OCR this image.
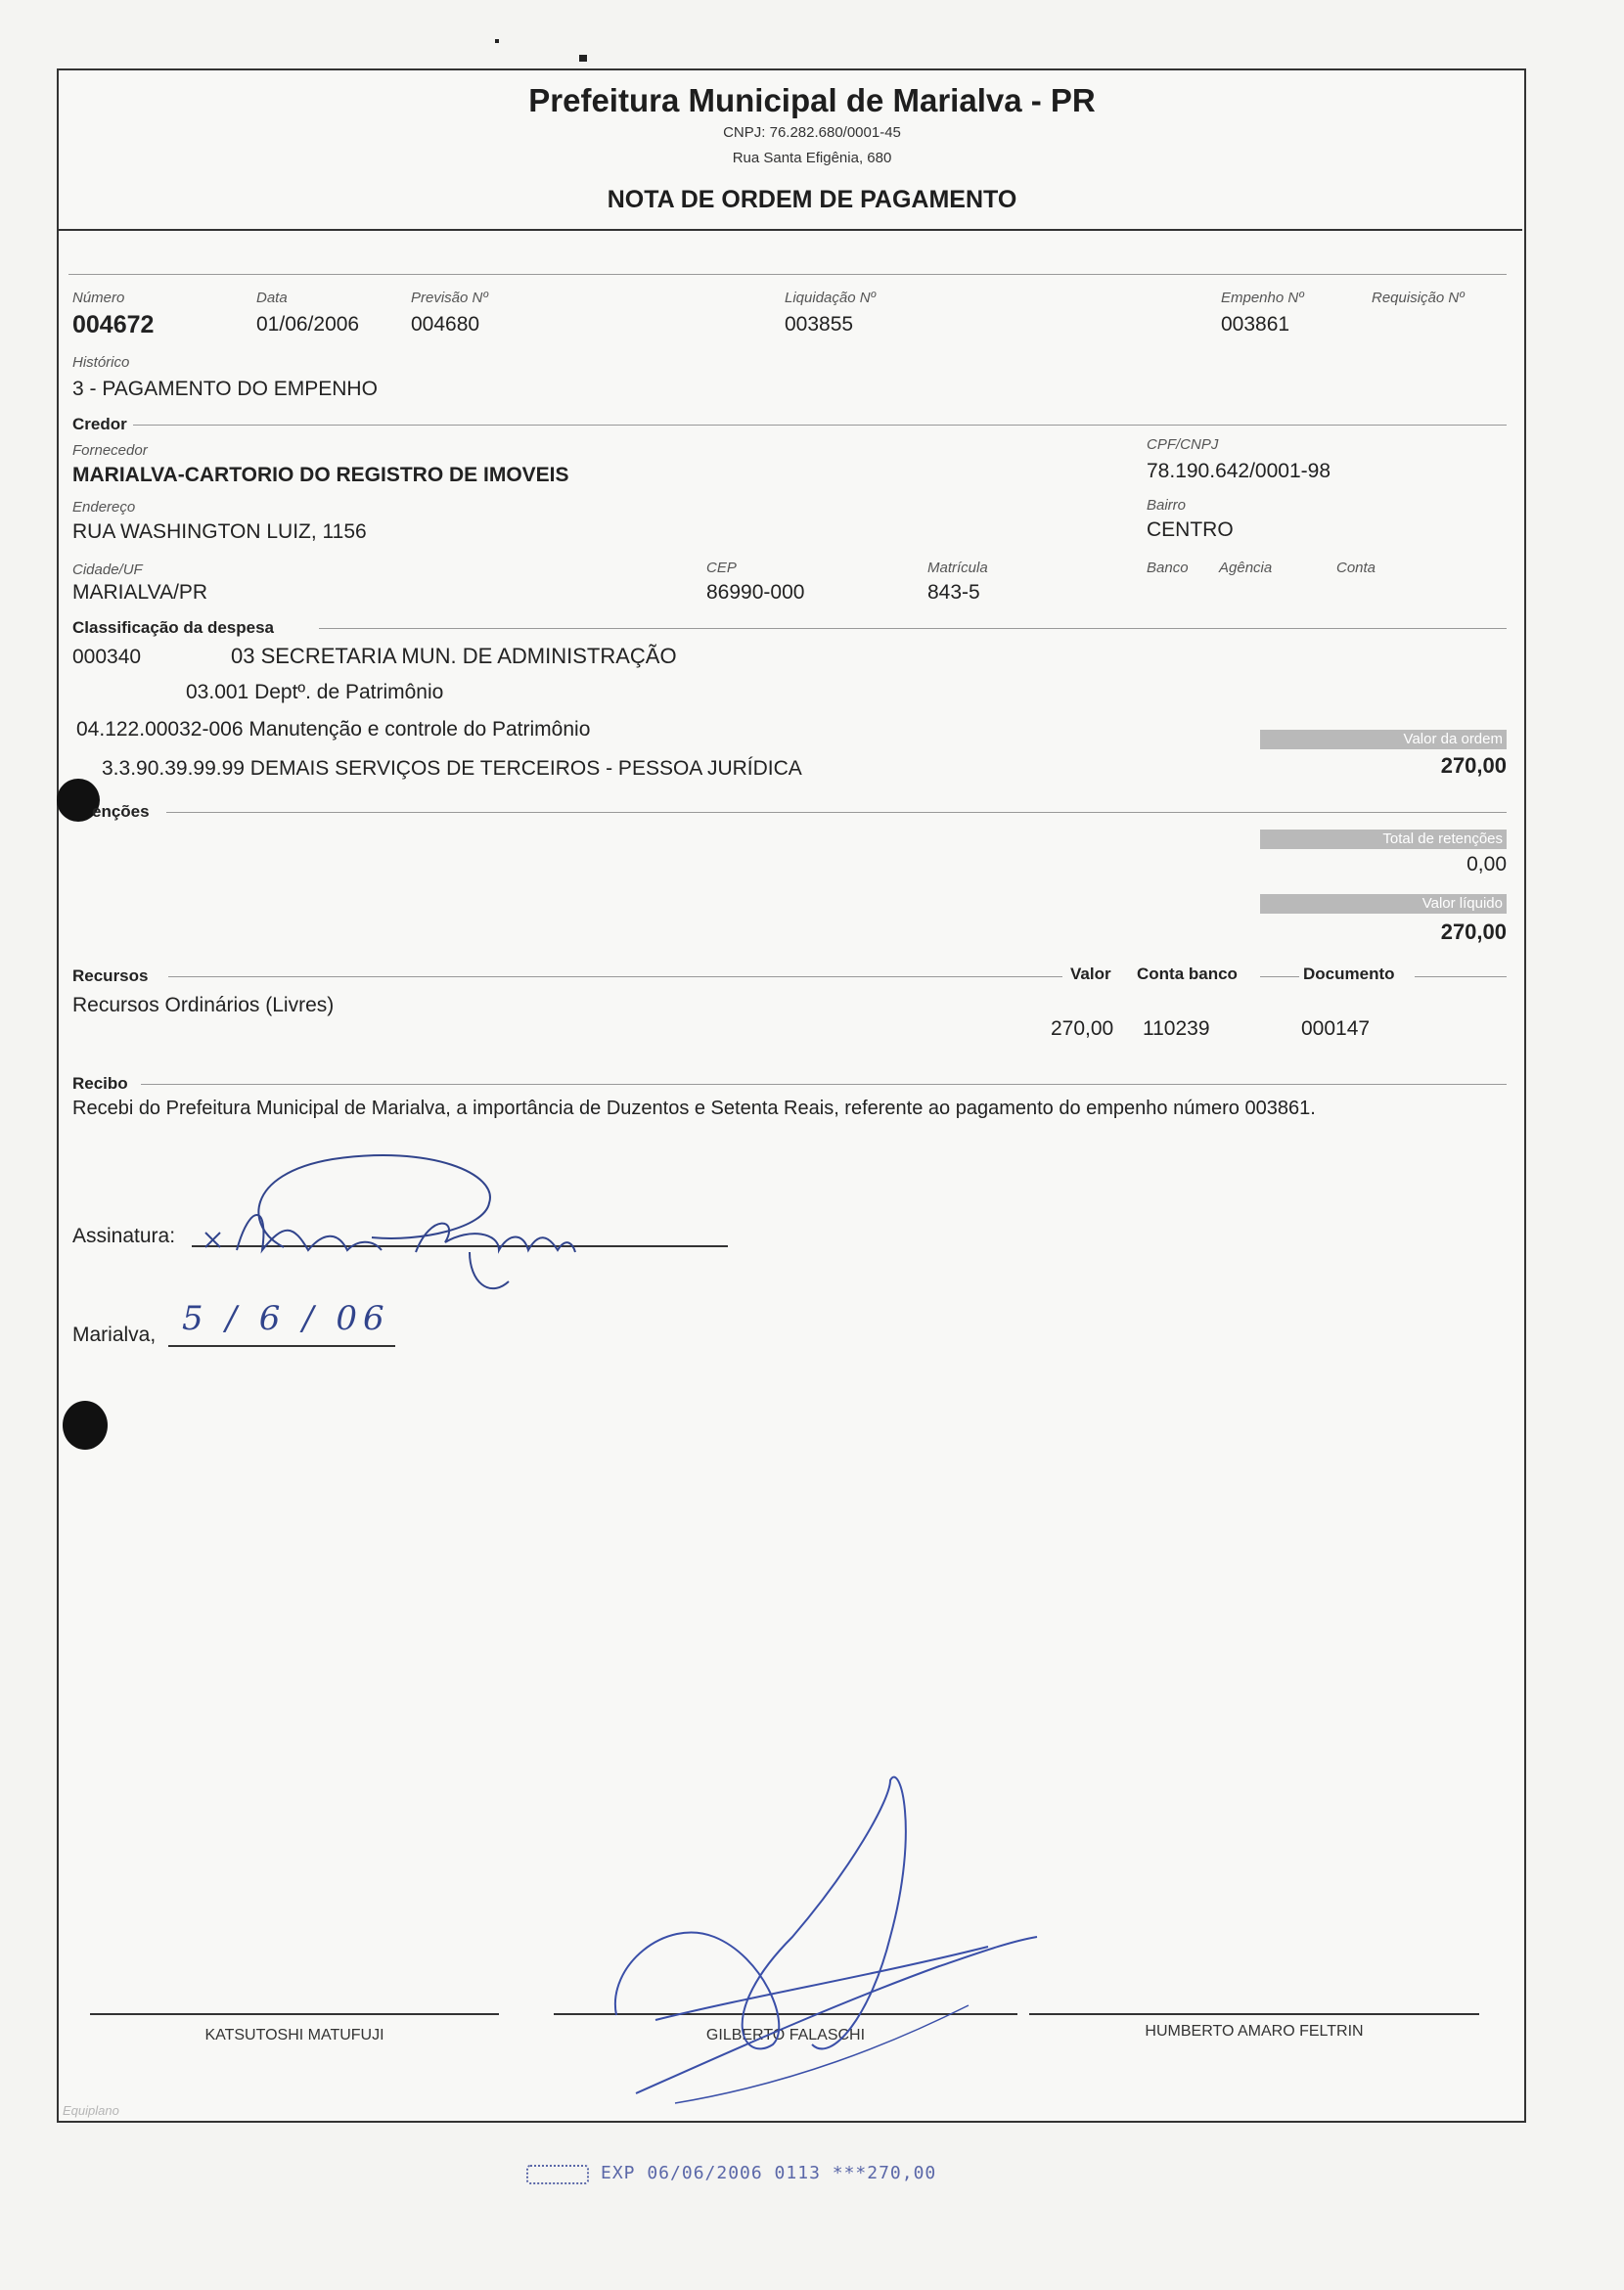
Prefeitura Municipal de Marialva - PR
CNPJ: 76.282.680/0001-45
Rua Santa Efigênia, 680
NOTA DE ORDEM DE PAGAMENTO
Número
004672
Data
01/06/2006
Previsão Nº
004680
Liquidação Nº
003855
Empenho Nº
003861
Requisição Nº
Histórico
3 - PAGAMENTO DO EMPENHO
Credor
Fornecedor
MARIALVA-CARTORIO DO REGISTRO DE IMOVEIS
CPF/CNPJ
78.190.642/0001-98
Endereço
RUA WASHINGTON LUIZ, 1156
Bairro
CENTRO
Cidade/UF
MARIALVA/PR
CEP
86990-000
Matrícula
843-5
Banco Agência	Conta
Classificação da despesa
000340	03 SECRETARIA MUN. DE ADMINISTRAÇÃO
03.001 Deptº. de Patrimônio
04.122.00032-006 Manutenção e controle do Patrimônio
3.3.90.39.99.99 DEMAIS SERVIÇOS DE TERCEIROS - PESSOA JURÍDICA
Valor da ordem
270,00
enções
Total de retenções
0,00
Valor líquido
270,00
Recursos	Valor Conta banco	Documento
Recursos Ordinários (Livres)
270,00 110239	000147
Recibo
Recebi do Prefeitura Municipal de Marialva, a importância de Duzentos e Setenta Reais, referente ao pagamento do empenho número 003861.
Assinatura:
Marialva, 5 / 6 / 06
KATSUTOSHI MATUFUJI	GILBERTO FALASCHI	HUMBERTO AMARO FELTRIN
Equiplano
EXP 06/06/2006 0113 ***270,00
